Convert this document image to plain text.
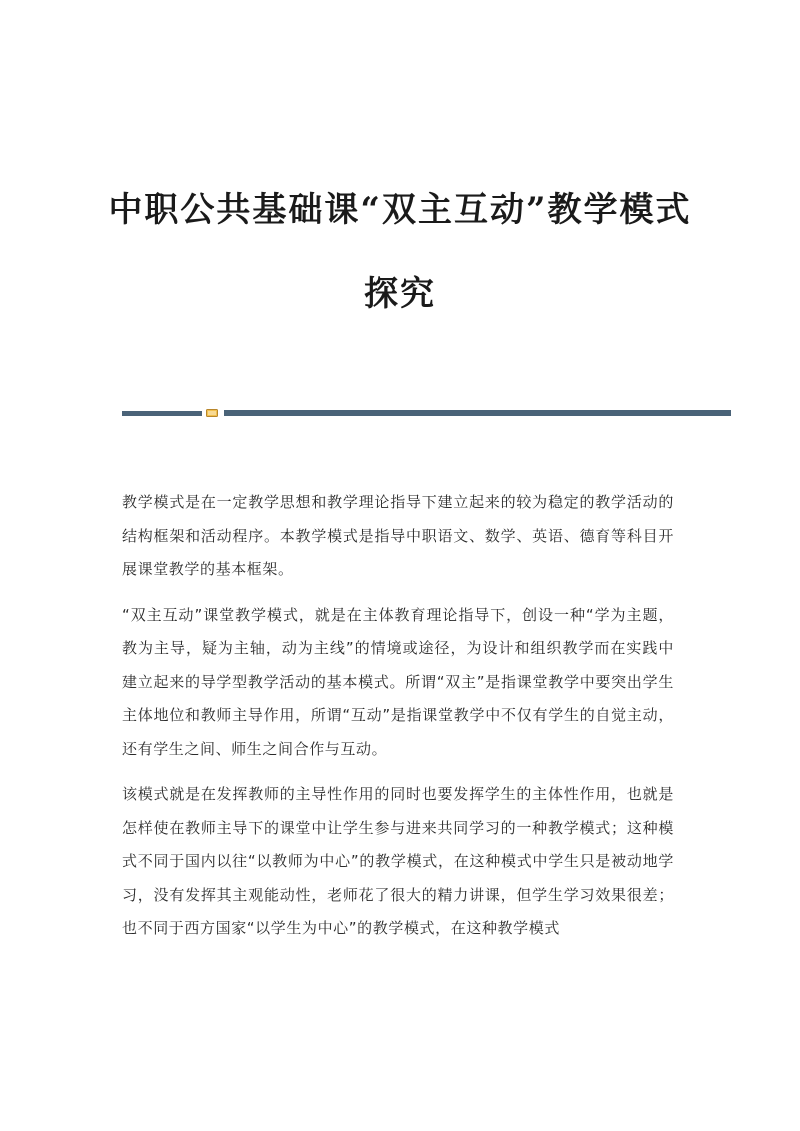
中职公共基础课“双主互动”教学模式
探究

教学模式是在一定教学思想和教学理论指导下建立起来的较为稳定的教学活动的结构框架和活动程序。本教学模式是指导中职语文、数学、英语、德育等科目开展课堂教学的基本框架。

“双主互动”课堂教学模式，就是在主体教育理论指导下，创设一种“学为主题，教为主导，疑为主轴，动为主线”的情境或途径，为设计和组织教学而在实践中建立起来的导学型教学活动的基本模式。所谓“双主”是指课堂教学中要突出学生主体地位和教师主导作用，所谓“互动”是指课堂教学中不仅有学生的自觉主动，还有学生之间、师生之间合作与互动。

该模式就是在发挥教师的主导性作用的同时也要发挥学生的主体性作用，也就是怎样使在教师主导下的课堂中让学生参与进来共同学习的一种教学模式；这种模式不同于国内以往“以教师为中心”的教学模式，在这种模式中学生只是被动地学习，没有发挥其主观能动性，老师花了很大的精力讲课，但学生学习效果很差；也不同于西方国家“以学生为中心”的教学模式，在这种教学模式
